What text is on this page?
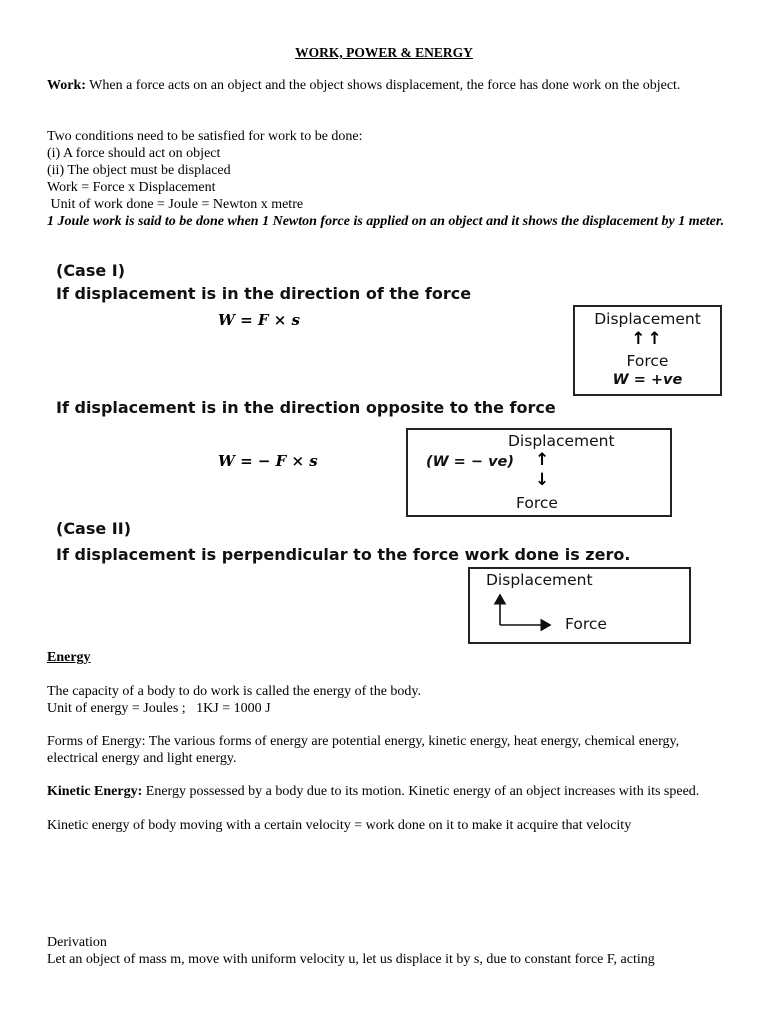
WORK, POWER & ENERGY
Work: When a force acts on an object and the object shows displacement, the force has done work on the object.
Two conditions need to be satisfied for work to be done:
(i) A force should act on object
(ii) The object must be displaced
Work = Force x Displacement
Unit of work done = Joule = Newton x metre
1 Joule work is said to be done when 1 Newton force is applied on an object and it shows the displacement by 1 meter.
(Case I)
If displacement is in the direction of the force
W = F × s	Displacement
↑↑
Force
W = +ve
If displacement is in the direction opposite to the force
W = − F × s
Displacement
(W = − ve) ↑
↓
Force
(Case II)
If displacement is perpendicular to the force work done is zero.
Displacement
Force
Energy
The capacity of a body to do work is called the energy of the body.
Unit of energy = Joules ;   1KJ = 1000 J
Forms of Energy: The various forms of energy are potential energy, kinetic energy, heat energy, chemical energy, electrical energy and light energy.
Kinetic Energy: Energy possessed by a body due to its motion. Kinetic energy of an object increases with its speed.
Kinetic energy of body moving with a certain velocity = work done on it to make it acquire that velocity
Derivation
Let an object of mass m, move with uniform velocity u, let us displace it by s, due to constant force F, acting
